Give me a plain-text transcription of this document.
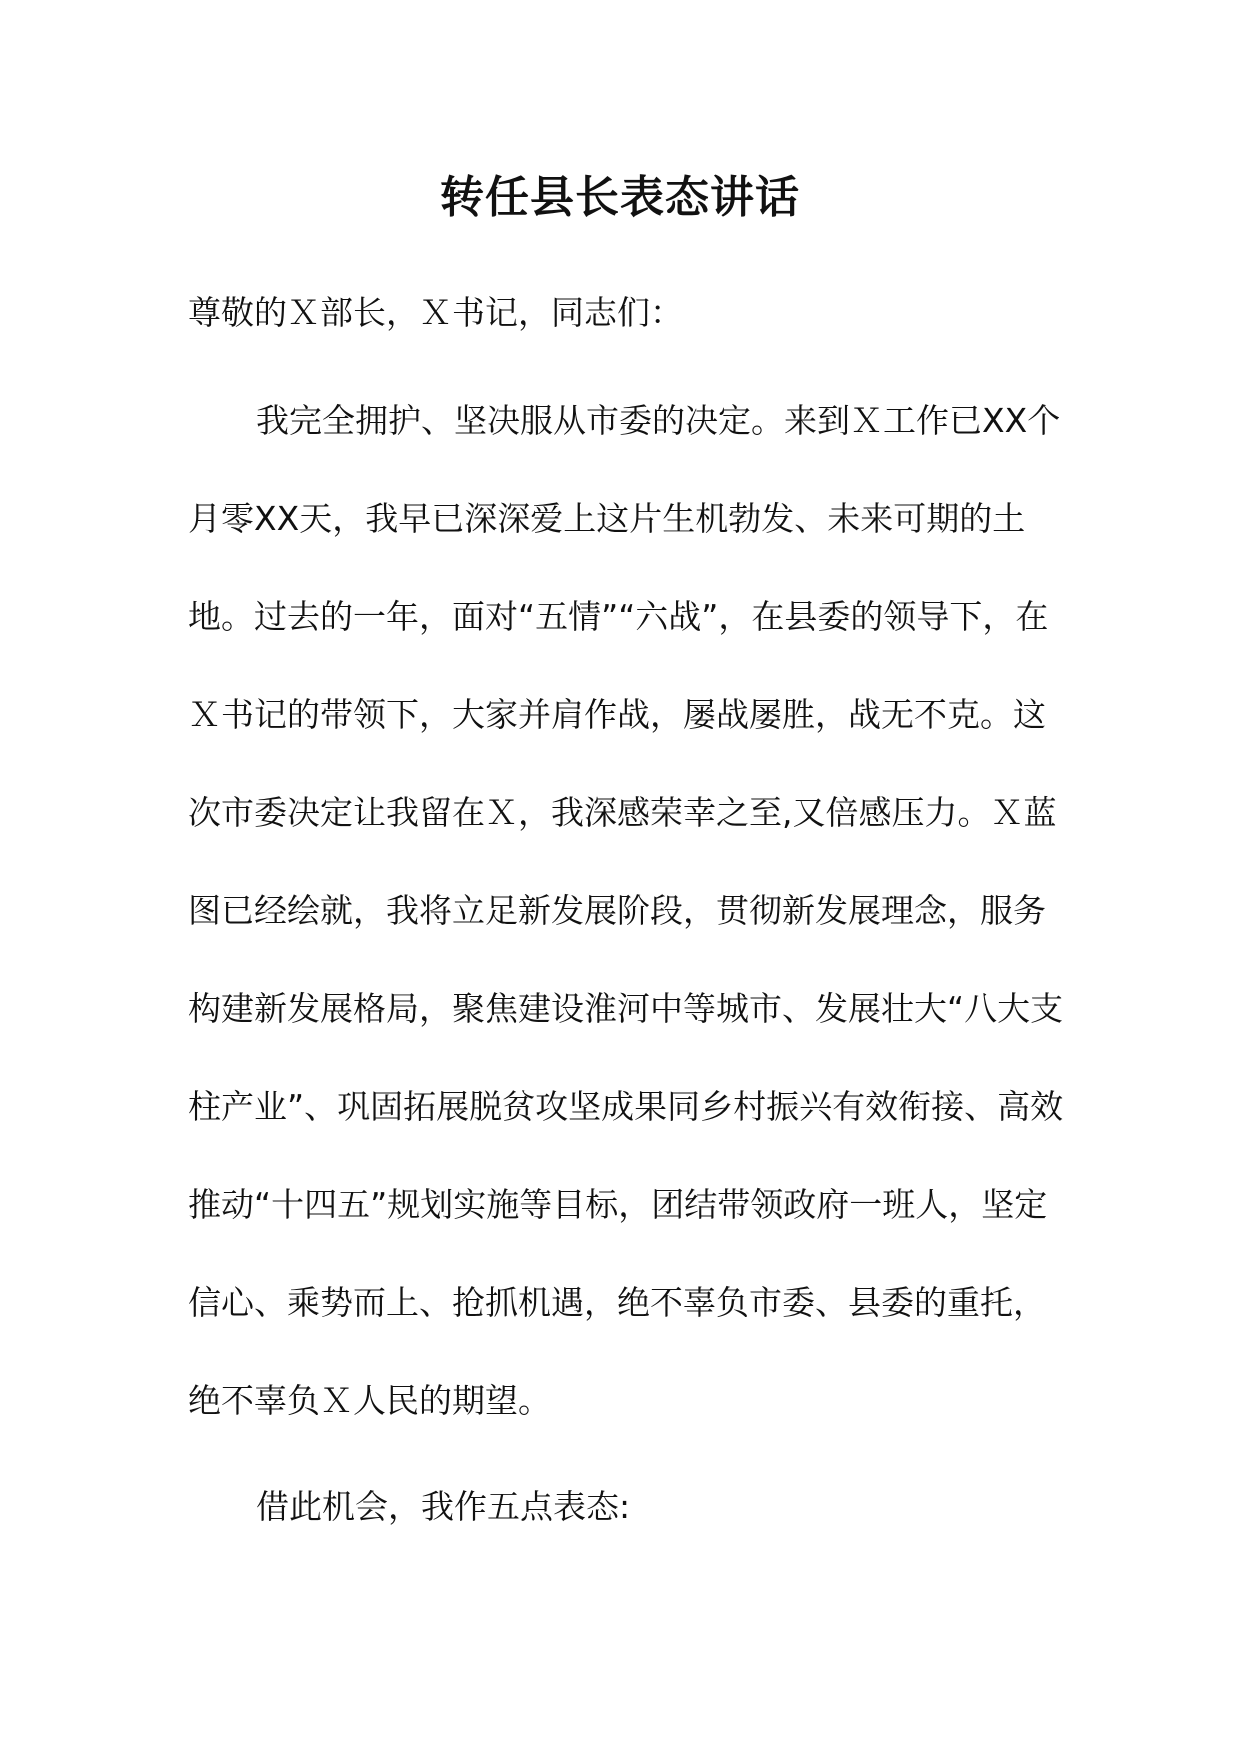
转任县长表态讲话

尊敬的Ｘ部长，Ｘ书记，同志们：

我完全拥护、坚决服从市委的决定。来到Ｘ工作已XX个月零XX天，我早已深深爱上这片生机勃发、未来可期的土地。过去的一年，面对“五情”“六战”，在县委的领导下，在Ｘ书记的带领下，大家并肩作战，屡战屡胜，战无不克。这次市委决定让我留在Ｘ，我深感荣幸之至,又倍感压力。Ｘ蓝图已经绘就，我将立足新发展阶段，贯彻新发展理念，服务构建新发展格局，聚焦建设淮河中等城市、发展壮大“八大支柱产业”、巩固拓展脱贫攻坚成果同乡村振兴有效衔接、高效推动“十四五”规划实施等目标，团结带领政府一班人，坚定信心、乘势而上、抢抓机遇，绝不辜负市委、县委的重托，绝不辜负Ｘ人民的期望。

借此机会，我作五点表态:
